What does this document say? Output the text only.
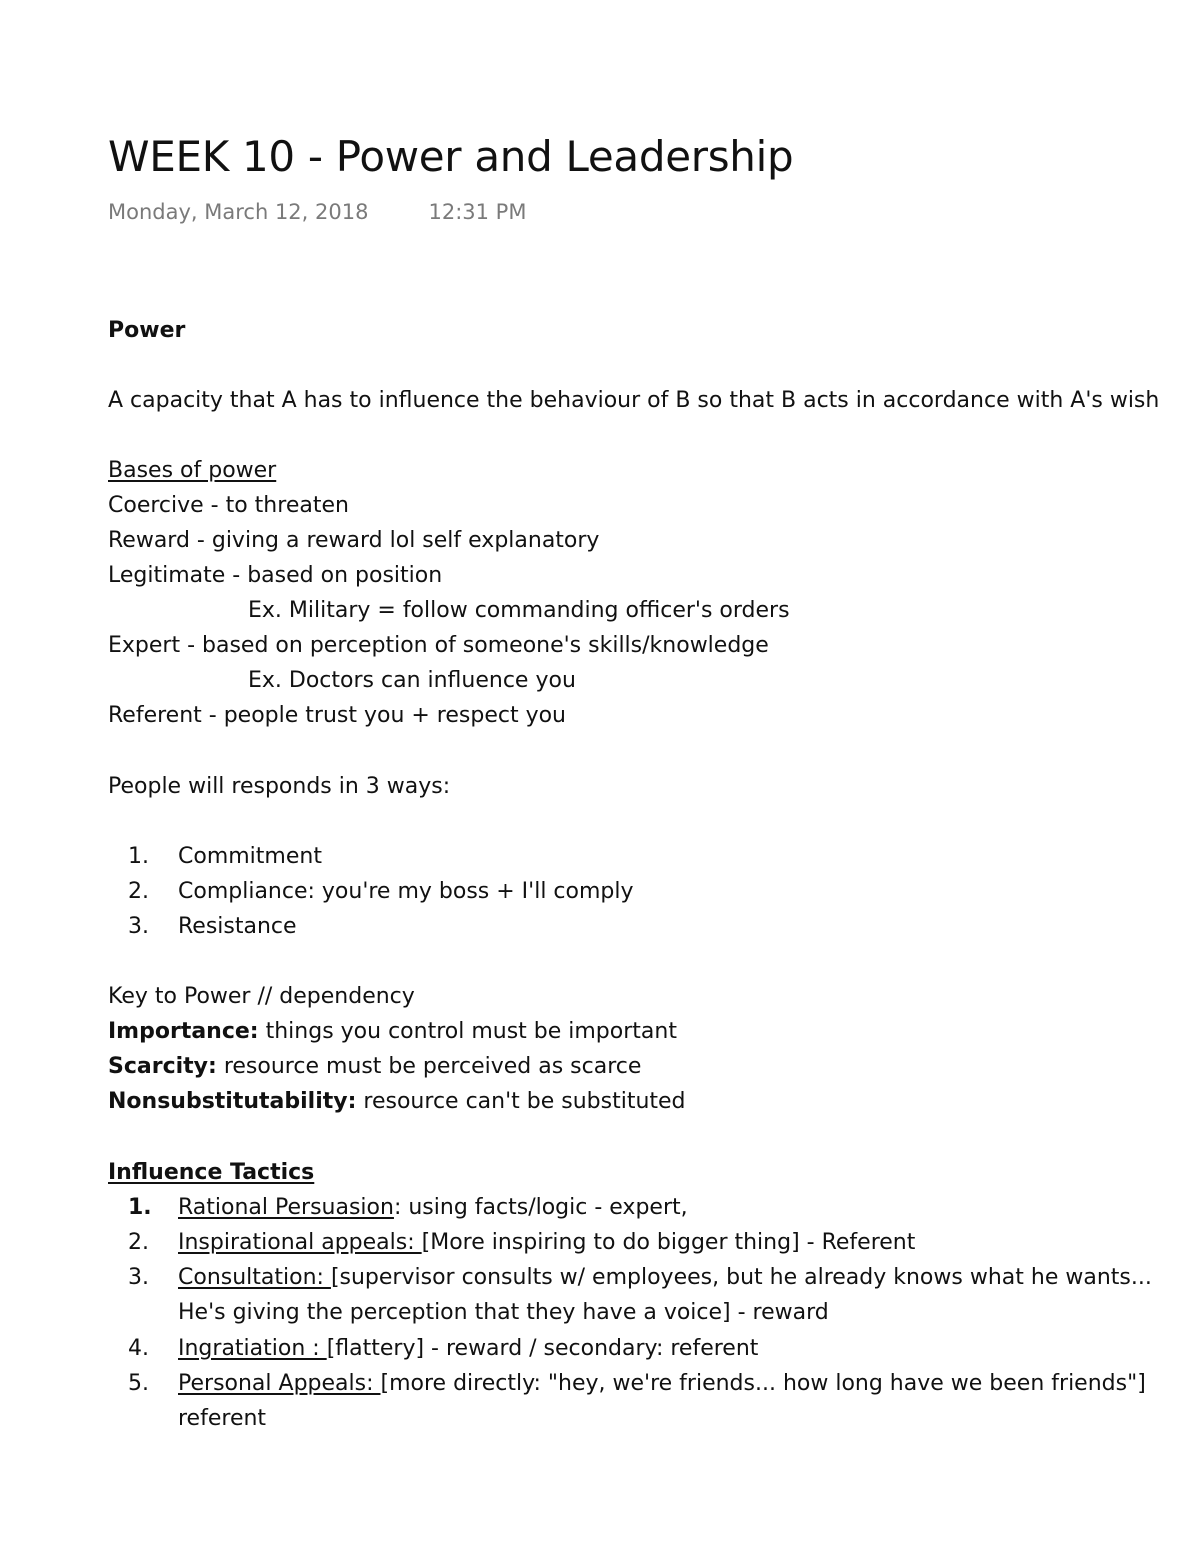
WEEK 10 - Power and Leadership
Monday, March 12, 2018	12:31 PM
Power
A capacity that A has to influence the behaviour of B so that B acts in accordance with A's wish
Bases of power
Coercive - to threaten
Reward - giving a reward lol self explanatory
Legitimate - based on position
Ex. Military = follow commanding officer's orders
Expert - based on perception of someone's skills/knowledge
Ex. Doctors can influence you
Referent - people trust you + respect you
People will responds in 3 ways:
1. Commitment
2. Compliance: you're my boss + I'll comply
3. Resistance
Key to Power // dependency
Importance: things you control must be important
Scarcity: resource must be perceived as scarce
Nonsubstitutability: resource can't be substituted
Influence Tactics
1. Rational Persuasion: using facts/logic - expert,
2. Inspirational appeals: [More inspiring to do bigger thing] - Referent
3. Consultation: [supervisor consults w/ employees, but he already knows what he wants...
He's giving the perception that they have a voice] - reward
4. Ingratiation : [flattery] - reward / secondary: referent
5. Personal Appeals: [more directly: "hey, we're friends... how long have we been friends"]
referent
